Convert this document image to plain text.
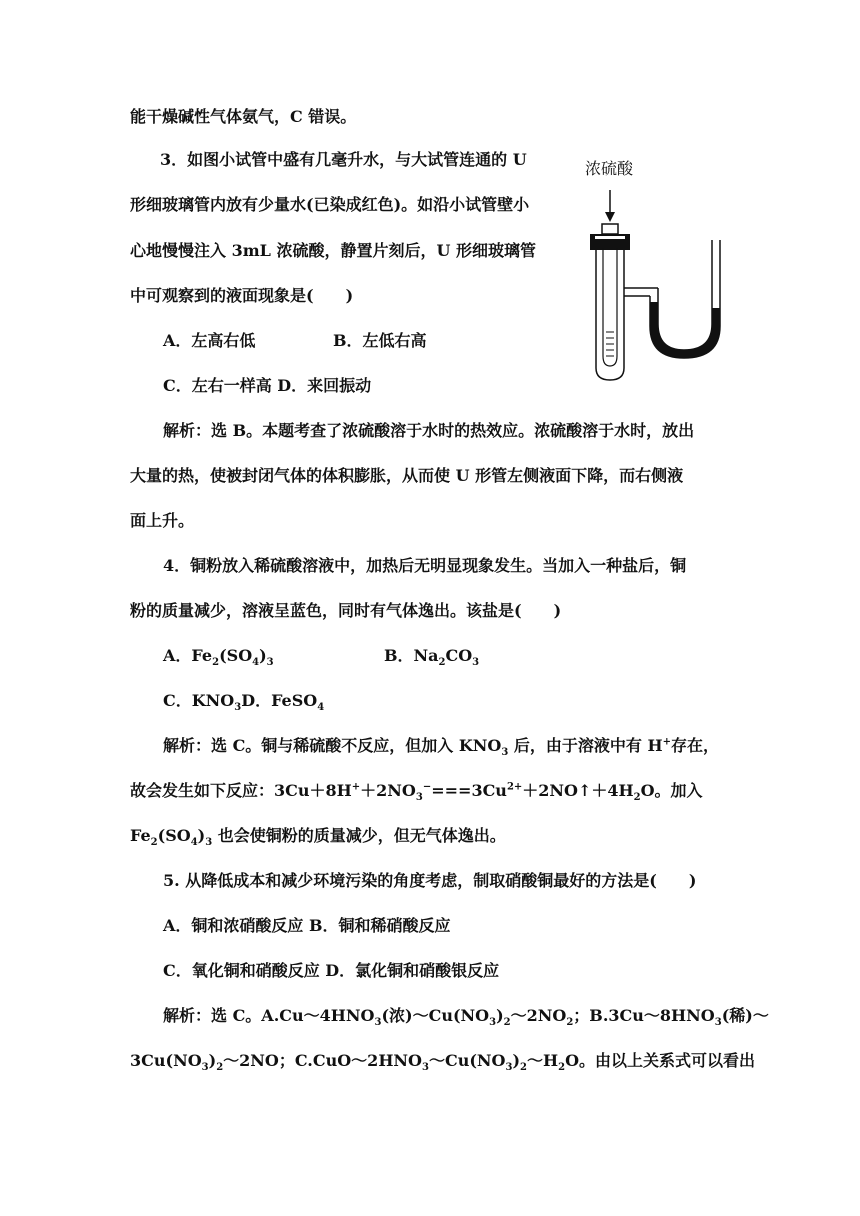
能干燥碱性气体氨气，C 错误。
3．如图小试管中盛有几毫升水，与大试管连通的 U
形细玻璃管内放有少量水(已染成红色)。如沿小试管壁小
心地慢慢注入 3mL 浓硫酸，静置片刻后，U 形细玻璃管
中可观察到的液面现象是(　　)
A．左高右低	B．左低右高
C．左右一样高 D．来回振动
浓硫酸
解析：选 B。本题考查了浓硫酸溶于水时的热效应。浓硫酸溶于水时，放出
大量的热，使被封闭气体的体积膨胀，从而使 U 形管左侧液面下降，而右侧液
面上升。
4．铜粉放入稀硫酸溶液中，加热后无明显现象发生。当加入一种盐后，铜
粉的质量减少，溶液呈蓝色，同时有气体逸出。该盐是(　　)
A．$Fe_2(SO_4)_3$	B．$Na_2CO_3$
C．$KNO_3D$．FeSO$_4$
解析：选 C。铜与稀硫酸不反应，但加入 $KNO_3$ 后，由于溶液中有 H+存在，
故会发生如下反应：$3Cu+8H^++2NO_3^-===3Cu^{2+}+2NO↑+4H_2O$。加入
$Fe_2(SO_4)_3$ 也会使铜粉的质量减少，但无气体逸出。
5. 从降低成本和减少环境污染的角度考虑，制取硝酸铜最好的方法是(　　)
A．铜和浓硝酸反应 B．铜和稀硝酸反应
C．氧化铜和硝酸反应 D．氯化铜和硝酸银反应
解析：选 C。$A.Cu\sim 4HNO_3$(浓)$\sim Cu(NO_3)_2\sim 2NO_2$；$B.3Cu\sim 8HNO_3$(稀)～
$3Cu(NO_3)_2\sim 2NO$；$C.CuO\sim 2HNO_3\sim Cu(NO_3)_2\sim H_2O$。由以上关系式可以看出
